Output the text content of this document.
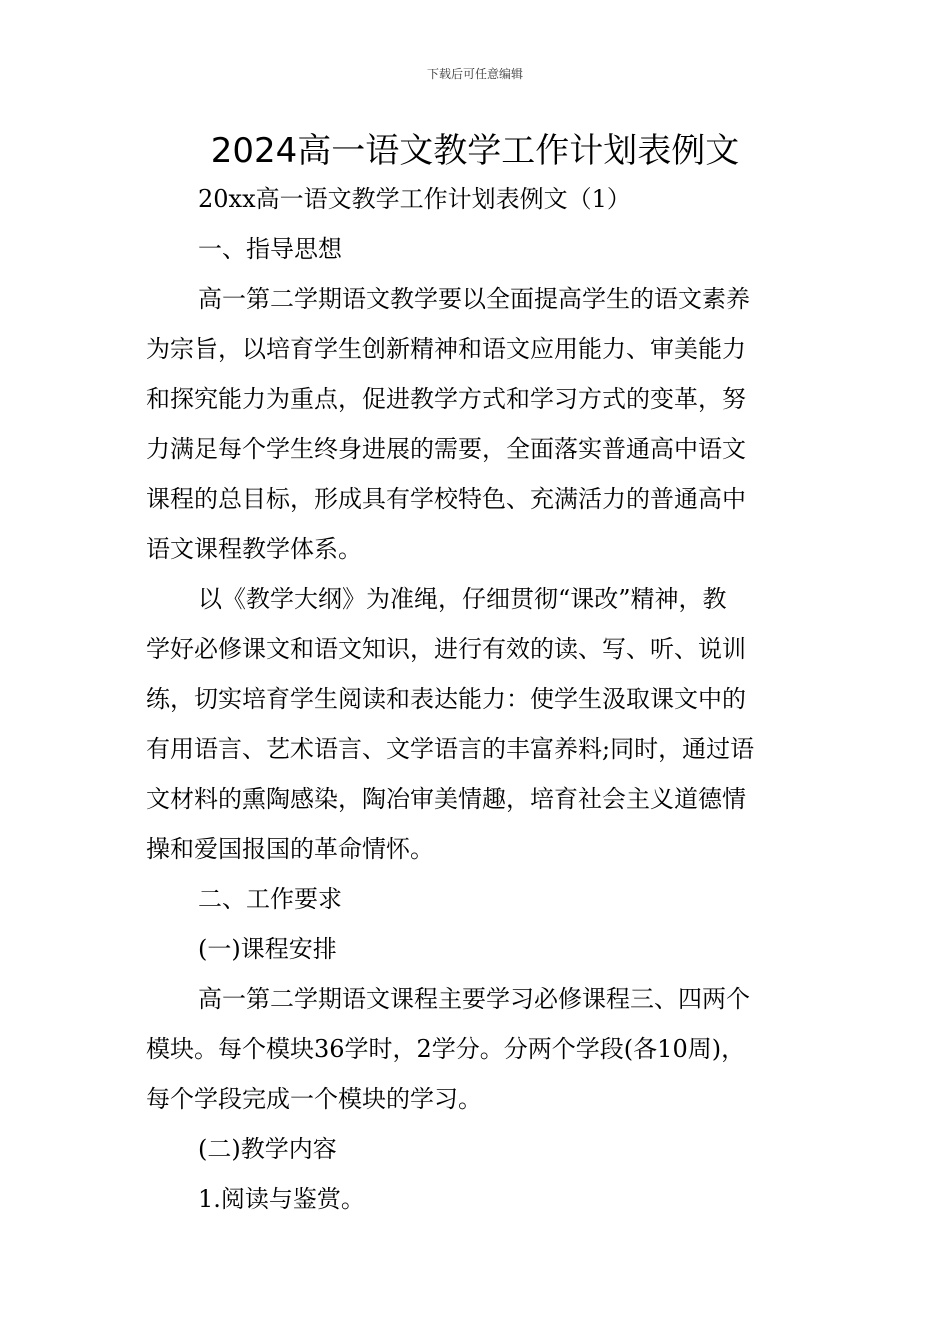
下载后可任意编辑
2024高一语文教学工作计划表例文
20xx高一语文教学工作计划表例文（1）
一、指导思想
高一第二学期语文教学要以全面提高学生的语文素养
为宗旨，以培育学生创新精神和语文应用能力、审美能力
和探究能力为重点，促进教学方式和学习方式的变革，努
力满足每个学生终身进展的需要，全面落实普通高中语文
课程的总目标，形成具有学校特色、充满活力的普通高中
语文课程教学体系。
以《教学大纲》为准绳，仔细贯彻“课改”精神，教
学好必修课文和语文知识，进行有效的读、写、听、说训
练，切实培育学生阅读和表达能力：使学生汲取课文中的
有用语言、艺术语言、文学语言的丰富养料;同时，通过语
文材料的熏陶感染，陶冶审美情趣，培育社会主义道德情
操和爱国报国的革命情怀。
二、工作要求
(一)课程安排
高一第二学期语文课程主要学习必修课程三、四两个
模块。每个模块36学时，2学分。分两个学段(各10周)，
每个学段完成一个模块的学习。
(二)教学内容
1.阅读与鉴赏。
